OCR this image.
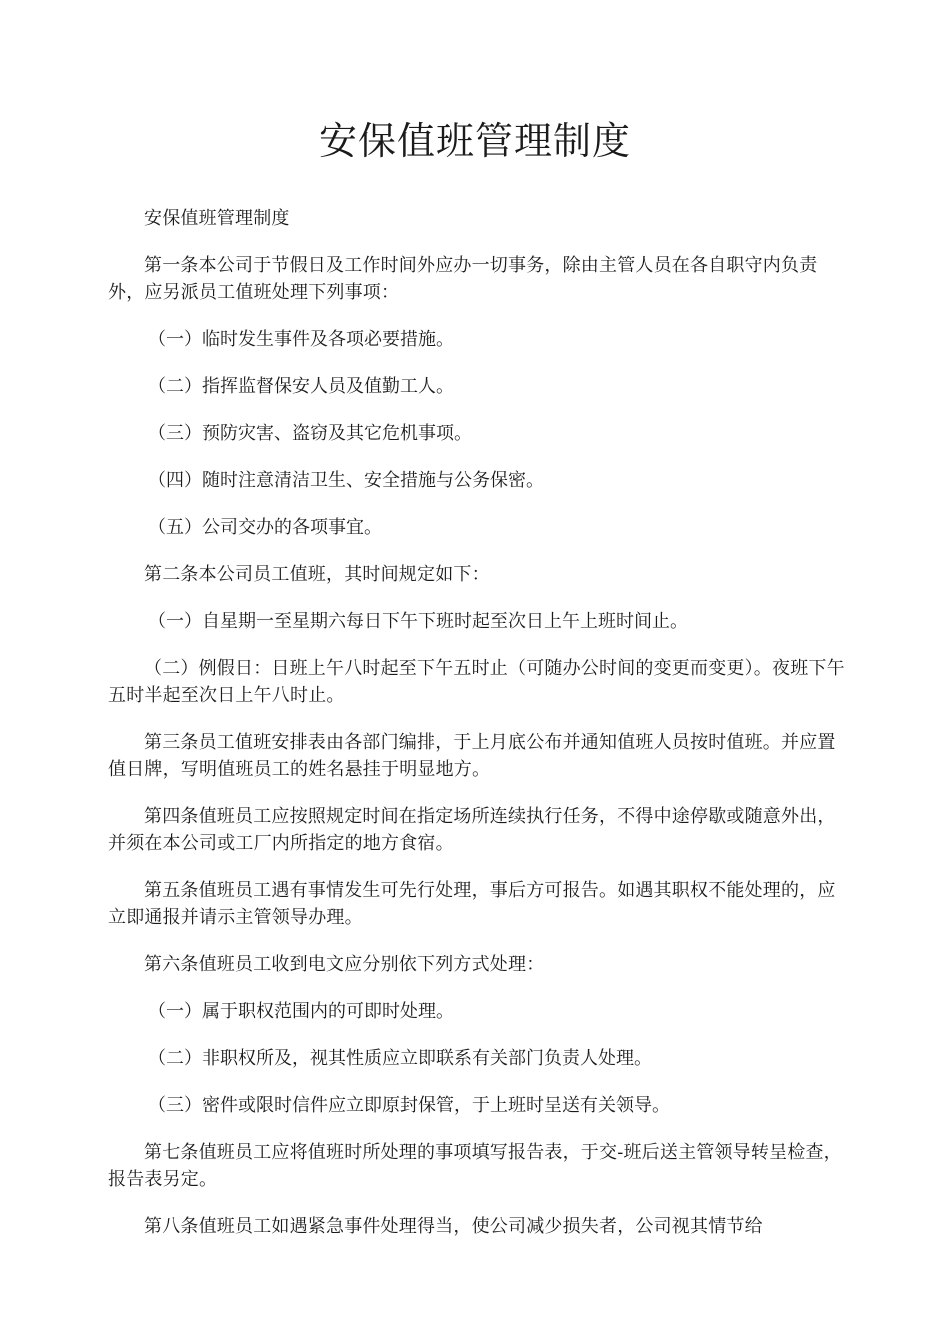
安保值班管理制度

安保值班管理制度

第一条本公司于节假日及工作时间外应办一切事务，除由主管人员在各自职守内负责外，应另派员工值班处理下列事项：

（一）临时发生事件及各项必要措施。

（二）指挥监督保安人员及值勤工人。

（三）预防灾害、盗窃及其它危机事项。

（四）随时注意清洁卫生、安全措施与公务保密。

（五）公司交办的各项事宜。

第二条本公司员工值班，其时间规定如下：

（一）自星期一至星期六每日下午下班时起至次日上午上班时间止。

（二）例假日：日班上午八时起至下午五时止（可随办公时间的变更而变更）。夜班下午五时半起至次日上午八时止。

第三条员工值班安排表由各部门编排，于上月底公布并通知值班人员按时值班。并应置值日牌，写明值班员工的姓名悬挂于明显地方。

第四条值班员工应按照规定时间在指定场所连续执行任务，不得中途停歇或随意外出，并须在本公司或工厂内所指定的地方食宿。

第五条值班员工遇有事情发生可先行处理，事后方可报告。如遇其职权不能处理的，应立即通报并请示主管领导办理。

第六条值班员工收到电文应分别依下列方式处理：

（一）属于职权范围内的可即时处理。

（二）非职权所及，视其性质应立即联系有关部门负责人处理。

（三）密件或限时信件应立即原封保管，于上班时呈送有关领导。

第七条值班员工应将值班时所处理的事项填写报告表，于交-班后送主管领导转呈检查，报告表另定。

第八条值班员工如遇紧急事件处理得当，使公司减少损失者，公司视其情节给
